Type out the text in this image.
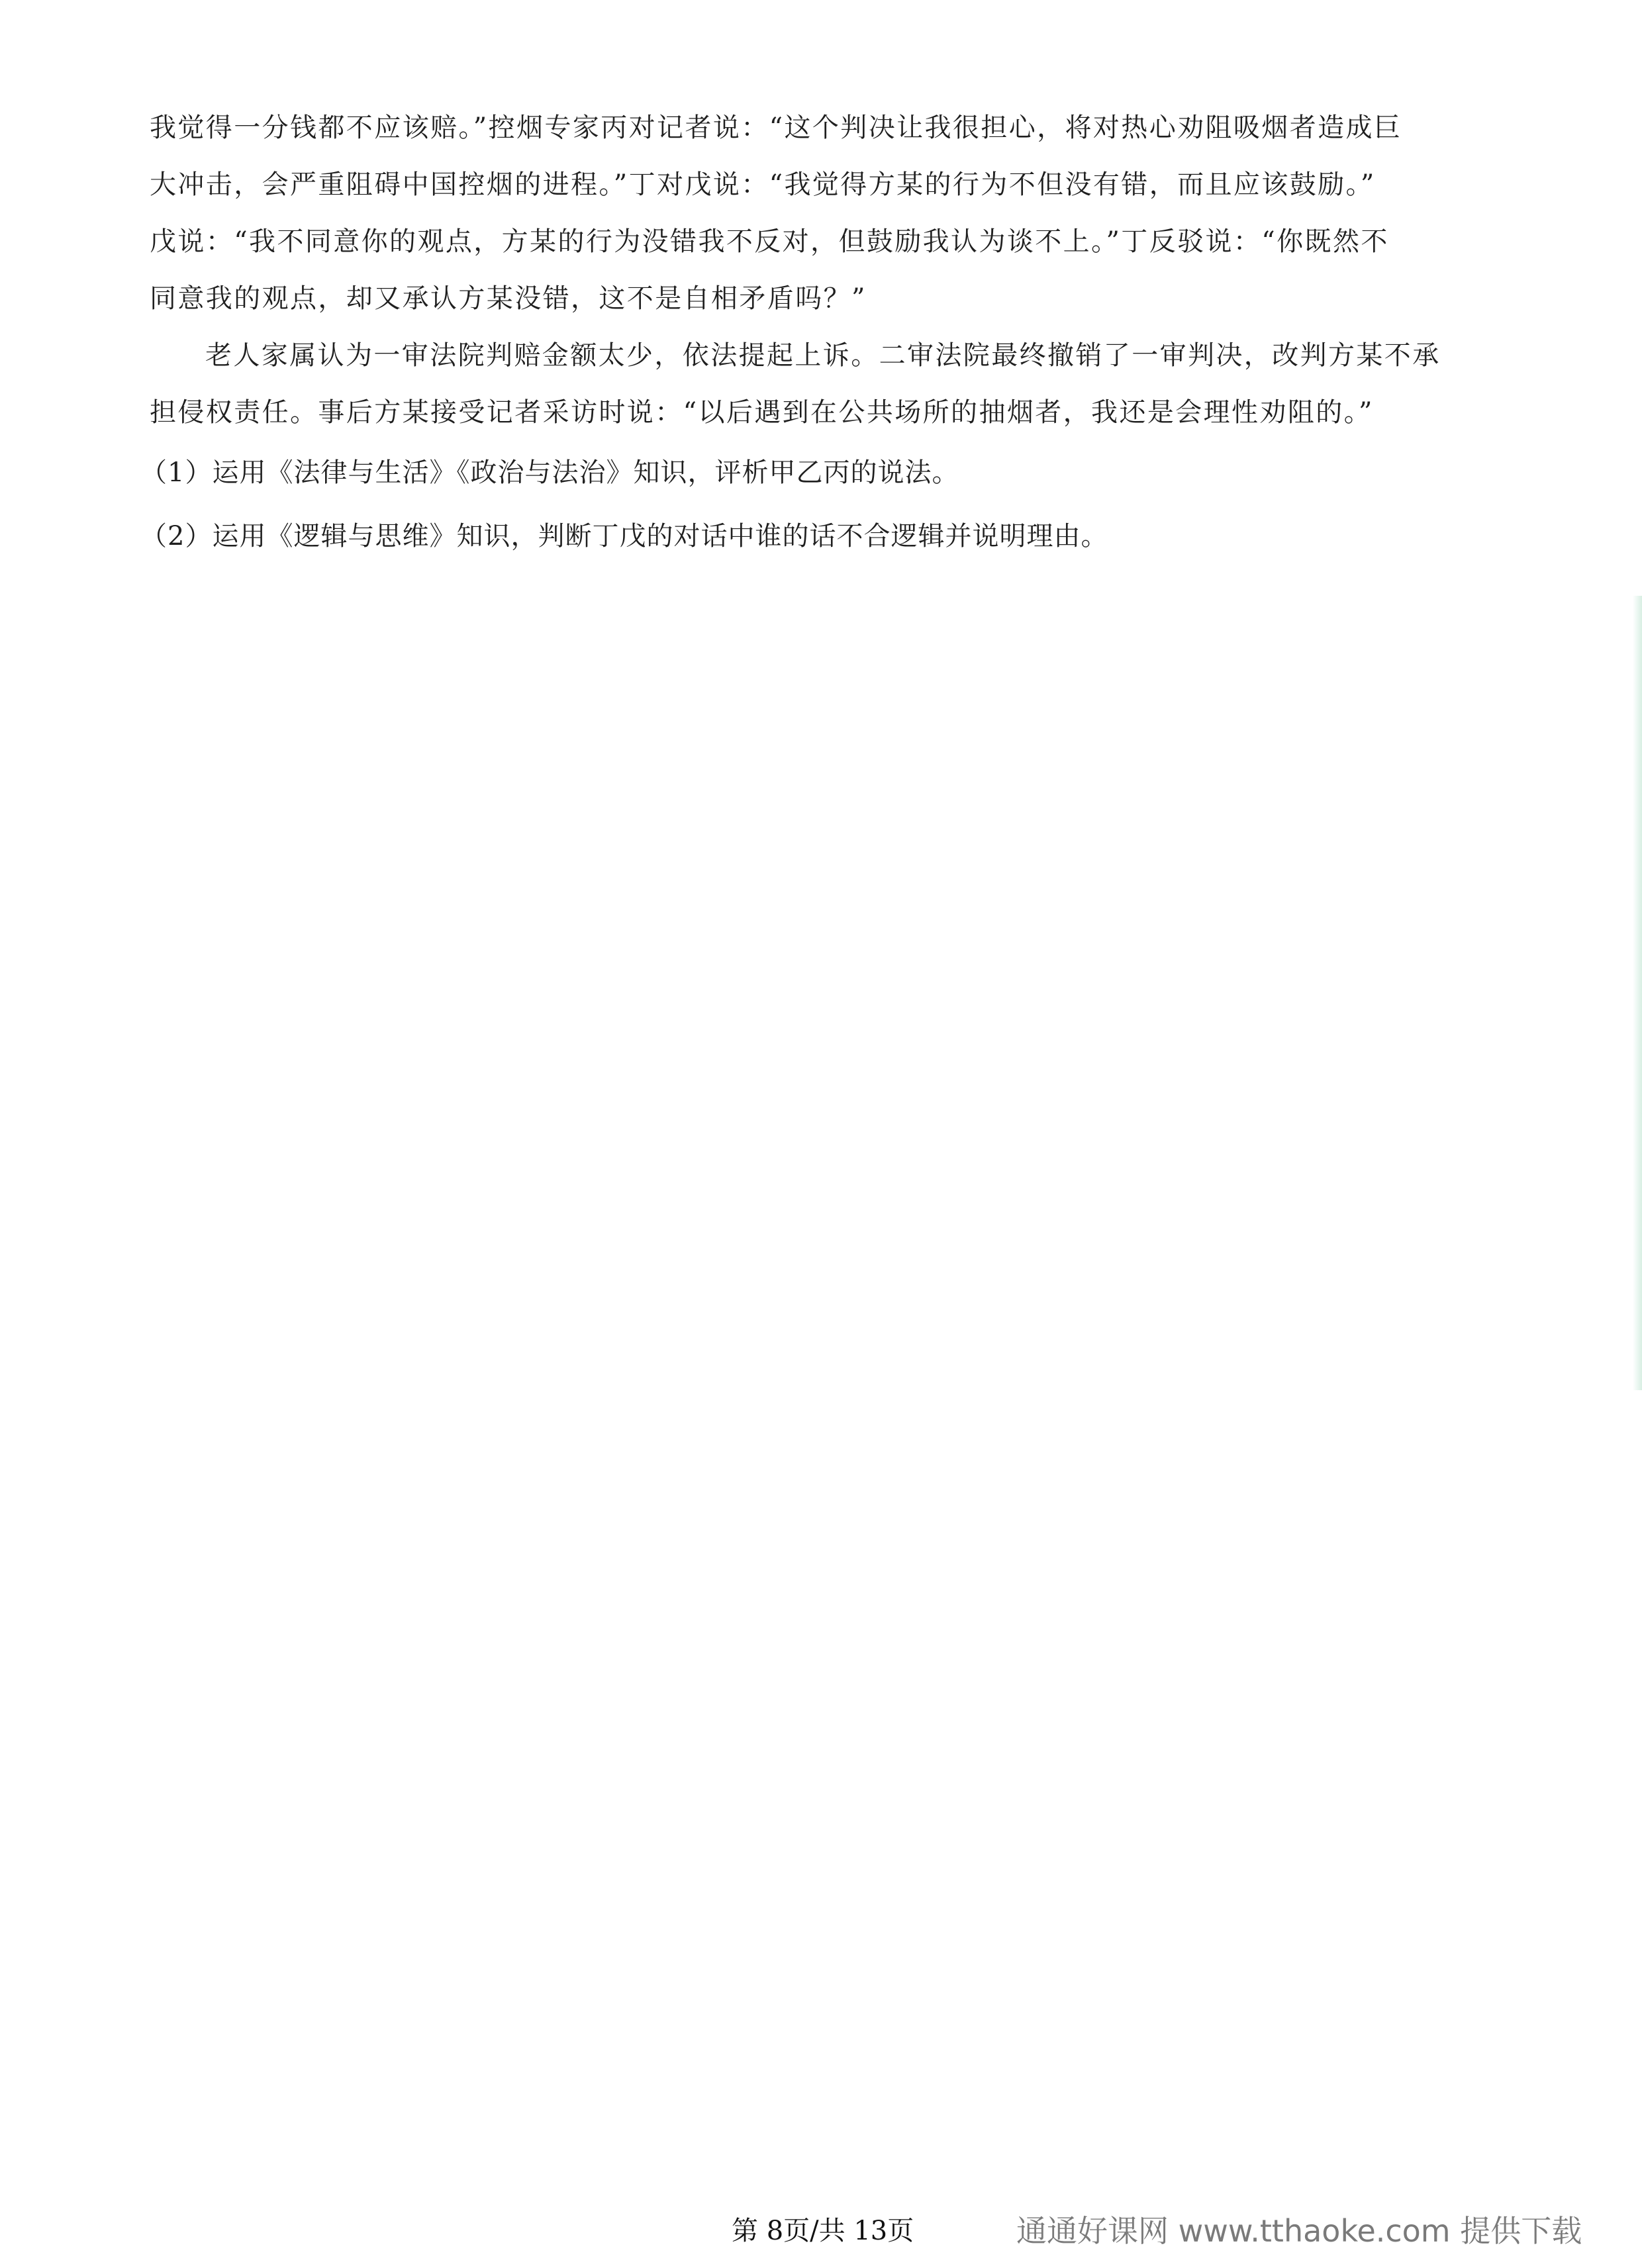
我觉得一分钱都不应该赔。”控烟专家丙对记者说：“这个判决让我很担心，将对热心劝阻吸烟者造成巨
大冲击，会严重阻碍中国控烟的进程。”丁对戊说：“我觉得方某的行为不但没有错，而且应该鼓励。”
戊说：“我不同意你的观点，方某的行为没错我不反对，但鼓励我认为谈不上。”丁反驳说：“你既然不
同意我的观点，却又承认方某没错，这不是自相矛盾吗？”
老人家属认为一审法院判赔金额太少，依法提起上诉。二审法院最终撤销了一审判决，改判方某不承
担侵权责任。事后方某接受记者采访时说：“以后遇到在公共场所的抽烟者，我还是会理性劝阻的。”
（1）运用《法律与生活》《政治与法治》知识，评析甲乙丙的说法。
（2）运用《逻辑与思维》知识，判断丁戊的对话中谁的话不合逻辑并说明理由。
第 8页/共 13页	通通好课网 www.tthaoke.com 提供下载
